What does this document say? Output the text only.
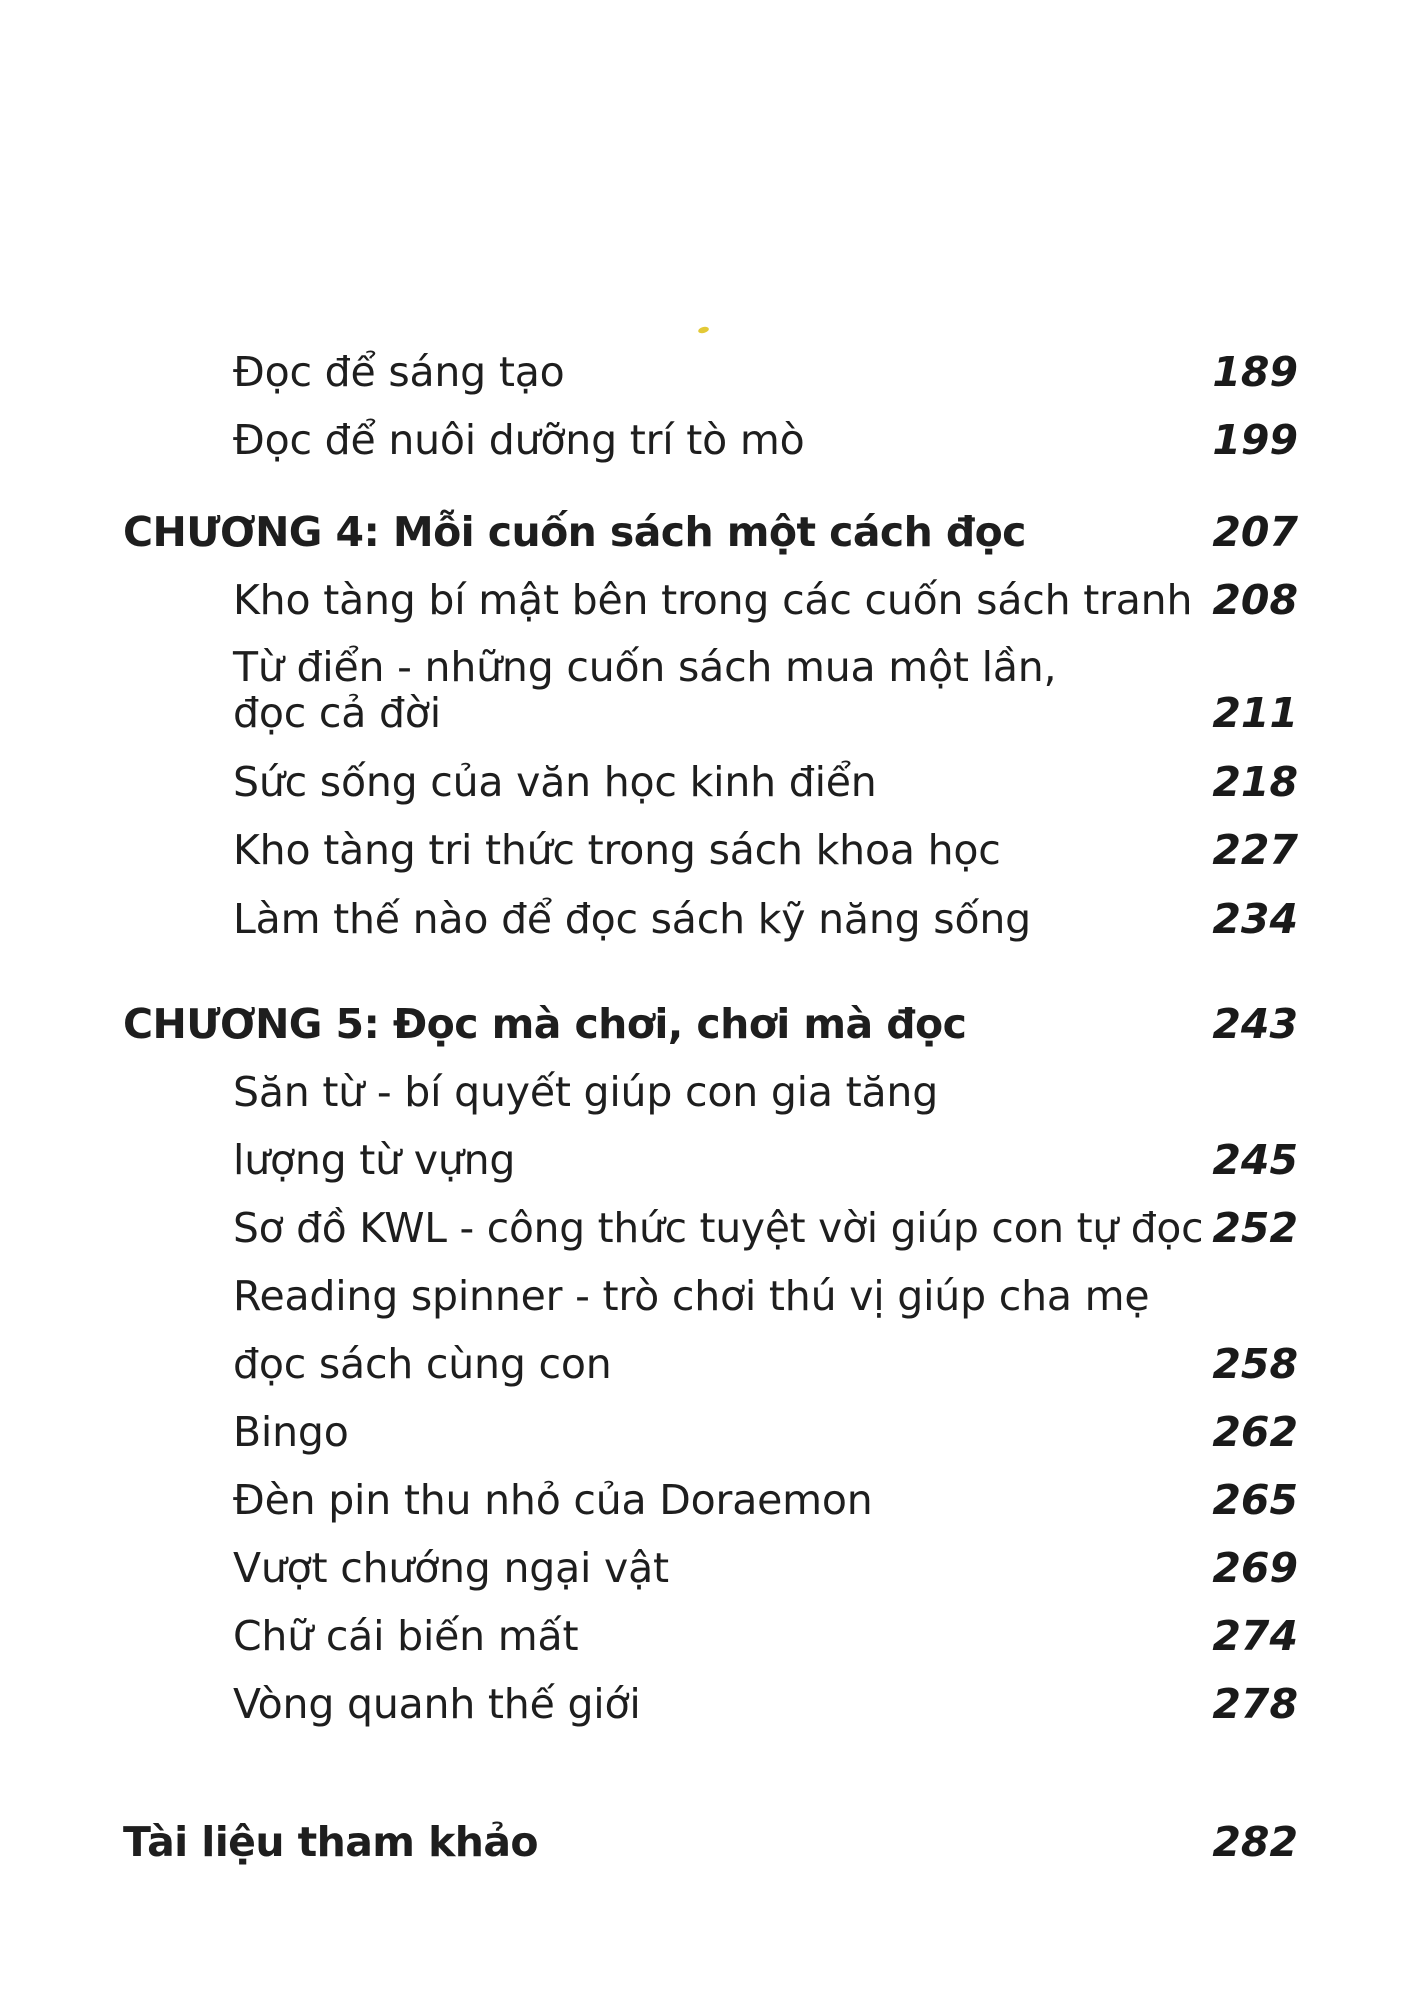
Đọc để sáng tạo	189
Đọc để nuôi dưỡng trí tò mò	199
CHƯƠNG 4: Mỗi cuốn sách một cách đọc	207
Kho tàng bí mật bên trong các cuốn sách tranh 208
Từ điển - những cuốn sách mua một lần,
đọc cả đời	211
Sức sống của văn học kinh điển	218
Kho tàng tri thức trong sách khoa học	227
Làm thế nào để đọc sách kỹ năng sống	234
CHƯƠNG 5: Đọc mà chơi, chơi mà đọc	243
Săn từ - bí quyết giúp con gia tăng
lượng từ vựng	245
Sơ đồ KWL - công thức tuyệt vời giúp con tự đọc 252
Reading spinner - trò chơi thú vị giúp cha mẹ
đọc sách cùng con	258
Bingo	262
Đèn pin thu nhỏ của Doraemon	265
Vượt chướng ngại vật	269
Chữ cái biến mất	274
Vòng quanh thế giới	278
Tài liệu tham khảo	282
